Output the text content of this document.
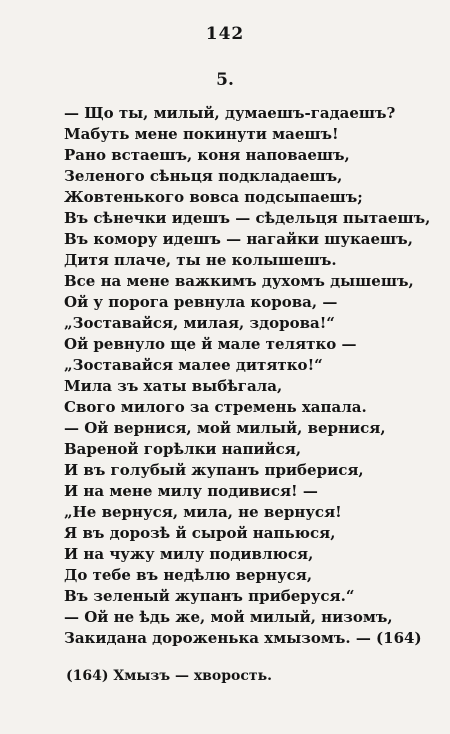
142
5.
— Що ты, милый, думаешъ-гадаешъ?
Мабуть мене покинути маешъ!
Рано встаешъ, коня наповаешъ,
Зеленого сѣньця подкладаешъ,
Жовтенького вовса подсыпаешъ;
Въ сѣнечки идешъ — сѣдельця пытаешъ,
Въ комору идешъ — нагайки шукаешъ,
Дитя плаче, ты не колышешъ.
Все на мене важкимъ духомъ дышешъ,
Ой у порога ревнула корова, —
„Зоставайся, милая, здорова!“
Ой ревнуло ще й мале телятко —
„Зоставайся малее дитятко!“
Мила зъ хаты выбѣгала,
Свого милого за стремень хапала.
— Ой вернися, мой милый, вернися,
Вареной горѣлки напийся,
И въ голубый жупанъ приберися,
И на мене милу подивися! —
„Не вернуся, мила, не вернуся!
Я въ дорозѣ й сырой напьюся,
И на чужу милу подивлюся,
До тебе въ недѣлю вернуся,
Въ зеленый жупанъ приберуся.“
— Ой не ѣдь же, мой милый, низомъ,
Закидана дороженька хмызомъ. — (164)
(164) Хмызъ — хворость.
